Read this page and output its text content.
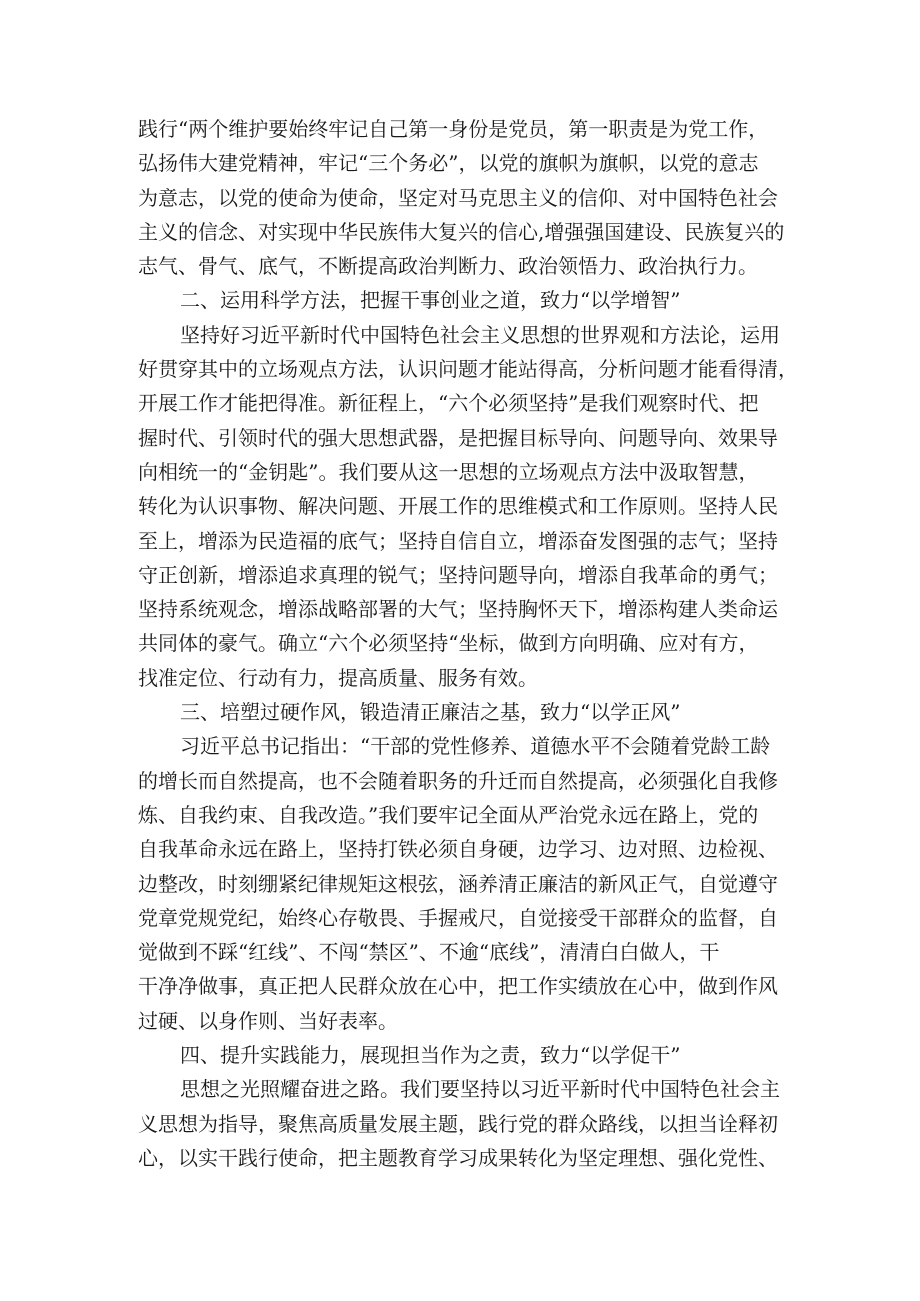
践行“两个维护要始终牢记自己第一身份是党员，第一职责是为党工作，
弘扬伟大建党精神，牢记“三个务必”，以党的旗帜为旗帜，以党的意志
为意志，以党的使命为使命，坚定对马克思主义的信仰、对中国特色社会
主义的信念、对实现中华民族伟大复兴的信心,增强强国建设、民族复兴的
志气、骨气、底气，不断提高政治判断力、政治领悟力、政治执行力。
二、运用科学方法，把握干事创业之道，致力“以学增智”
坚持好习近平新时代中国特色社会主义思想的世界观和方法论，运用
好贯穿其中的立场观点方法，认识问题才能站得高，分析问题才能看得清，
开展工作才能把得准。新征程上，“六个必须坚持”是我们观察时代、把
握时代、引领时代的强大思想武器，是把握目标导向、问题导向、效果导
向相统一的“金钥匙”。我们要从这一思想的立场观点方法中汲取智慧，
转化为认识事物、解决问题、开展工作的思维模式和工作原则。坚持人民
至上，增添为民造福的底气；坚持自信自立，增添奋发图强的志气；坚持
守正创新，增添追求真理的锐气；坚持问题导向，增添自我革命的勇气；
坚持系统观念，增添战略部署的大气；坚持胸怀天下，增添构建人类命运
共同体的豪气。确立“六个必须坚持“坐标，做到方向明确、应对有方，
找准定位、行动有力，提高质量、服务有效。
三、培塑过硬作风，锻造清正廉洁之基，致力“以学正风”
习近平总书记指出：“干部的党性修养、道德水平不会随着党龄工龄
的增长而自然提高，也不会随着职务的升迁而自然提高，必须强化自我修
炼、自我约束、自我改造。”我们要牢记全面从严治党永远在路上，党的
自我革命永远在路上，坚持打铁必须自身硬，边学习、边对照、边检视、
边整改，时刻绷紧纪律规矩这根弦，涵养清正廉洁的新风正气，自觉遵守
党章党规党纪，始终心存敬畏、手握戒尺，自觉接受干部群众的监督，自
觉做到不踩“红线”、不闯“禁区”、不逾“底线”，清清白白做人，干
干净净做事，真正把人民群众放在心中，把工作实绩放在心中，做到作风
过硬、以身作则、当好表率。
四、提升实践能力，展现担当作为之责，致力“以学促干”
思想之光照耀奋进之路。我们要坚持以习近平新时代中国特色社会主
义思想为指导，聚焦高质量发展主题，践行党的群众路线，以担当诠释初
心，以实干践行使命，把主题教育学习成果转化为坚定理想、强化党性、
